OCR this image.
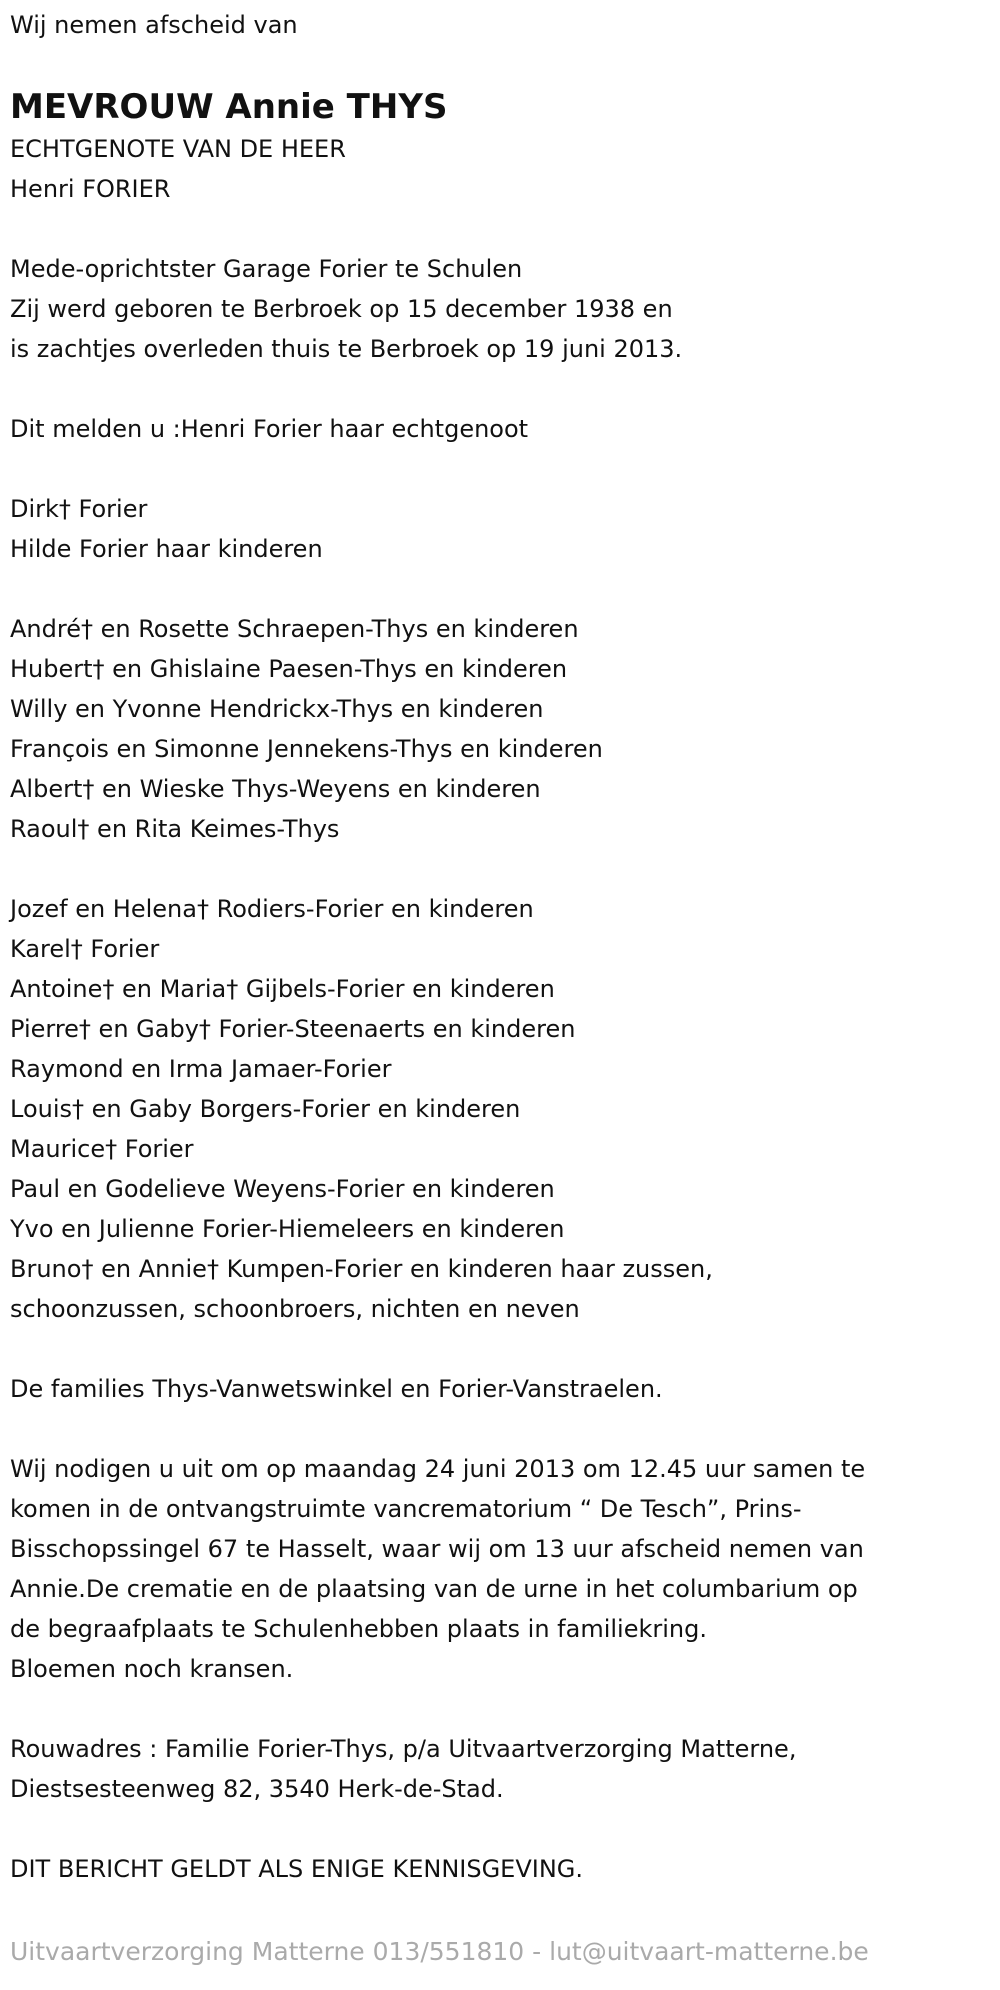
Wij nemen afscheid van

MEVROUW Annie THYS

ECHTGENOTE VAN DE HEER

Henri FORIER

Mede-oprichtster Garage Forier te Schulen

Zij werd geboren te Berbroek op 15 december 1938 en

is zachtjes overleden thuis te Berbroek op 19 juni 2013.

Dit melden u :Henri Forier haar echtgenoot

Dirk† Forier

Hilde Forier haar kinderen

André† en Rosette Schraepen-Thys en kinderen

Hubert† en Ghislaine Paesen-Thys en kinderen

Willy en Yvonne Hendrickx-Thys en kinderen

François en Simonne Jennekens-Thys en kinderen

Albert† en Wieske Thys-Weyens en kinderen

Raoul† en Rita Keimes-Thys

Jozef en Helena† Rodiers-Forier en kinderen

Karel† Forier

Antoine† en Maria† Gijbels-Forier en kinderen

Pierre† en Gaby† Forier-Steenaerts en kinderen

Raymond en Irma Jamaer-Forier

Louis† en Gaby Borgers-Forier en kinderen

Maurice† Forier

Paul en Godelieve Weyens-Forier en kinderen

Yvo en Julienne Forier-Hiemeleers en kinderen

Bruno† en Annie† Kumpen-Forier en kinderen haar zussen,

schoonzussen, schoonbroers, nichten en neven

De families Thys-Vanwetswinkel en Forier-Vanstraelen.

Wij nodigen u uit om op maandag 24 juni 2013 om 12.45 uur samen te

komen in de ontvangstruimte vancrematorium “ De Tesch”, Prins-

Bisschopssingel 67 te Hasselt, waar wij om 13 uur afscheid nemen van

Annie.De crematie en de plaatsing van de urne in het columbarium op

de begraafplaats te Schulenhebben plaats in familiekring.

Bloemen noch kransen.

Rouwadres : Familie Forier-Thys, p/a Uitvaartverzorging Matterne,

Diestsesteenweg 82, 3540 Herk-de-Stad.

DIT BERICHT GELDT ALS ENIGE KENNISGEVING.

Uitvaartverzorging Matterne 013/551810 - lut@uitvaart-matterne.be
